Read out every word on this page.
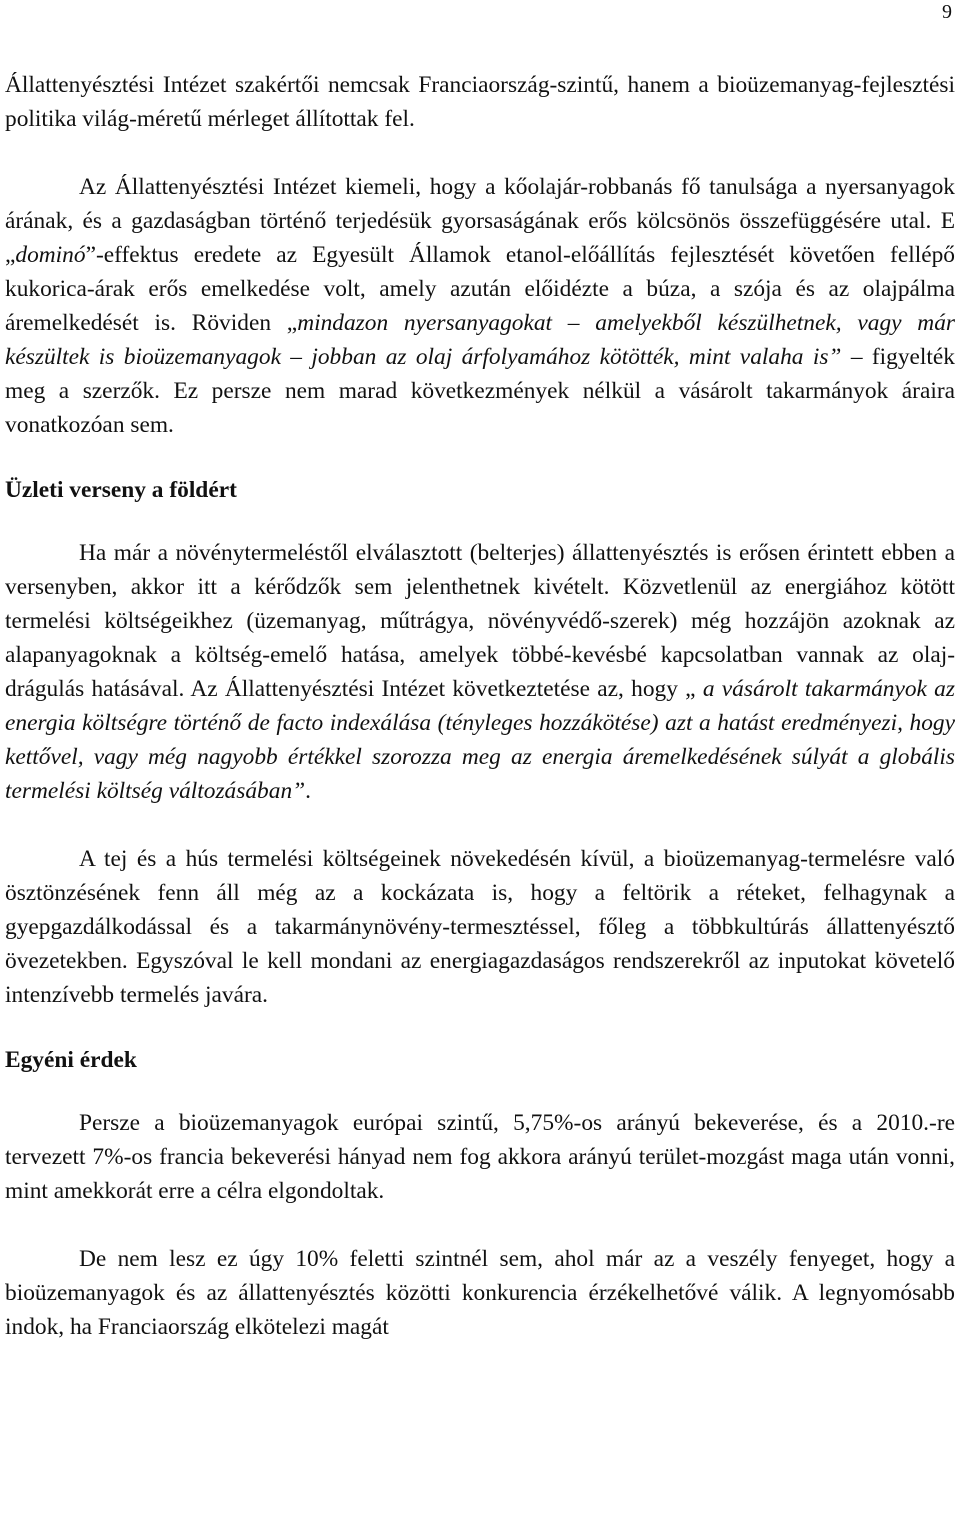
9

Állattenyésztési Intézet szakértői nemcsak Franciaország-szintű, hanem a bioüzemanyag-fejlesztési politika világ-méretű mérleget állítottak fel.

Az Állattenyésztési Intézet kiemeli, hogy a kőolajár-robbanás fő tanulsága a nyersanyagok árának, és a gazdaságban történő terjedésük gyorsaságának erős kölcsönös összefüggésére utal. E „dominó”-effektus eredete az Egyesült Államok etanol-előállítás fejlesztését követően fellépő kukorica-árak erős emelkedése volt, amely azután előidézte a búza, a szója és az olajpálma áremelkedését is. Röviden „mindazon nyersanyagokat – amelyekből készülhetnek, vagy már készültek is bioüzemanyagok – jobban az olaj árfolyamához kötötték, mint valaha is” – figyelték meg a szerzők. Ez persze nem marad következmények nélkül a vásárolt takarmányok áraira vonatkozóan sem.

Üzleti verseny a földért

Ha már a növénytermeléstől elválasztott (belterjes) állattenyésztés is erősen érintett ebben a versenyben, akkor itt a kérődzők sem jelenthetnek kivételt. Közvetlenül az energiához kötött termelési költségeikhez (üzemanyag, műtrágya, növényvédő-szerek) még hozzájön azoknak az alapanyagoknak a költség-emelő hatása, amelyek többé-kevésbé kapcsolatban vannak az olaj-drágulás hatásával. Az Állattenyésztési Intézet következtetése az, hogy „ a vásárolt takarmányok az energia költségre történő de facto indexálása (tényleges hozzákötése) azt a hatást eredményezi, hogy kettővel, vagy még nagyobb értékkel szorozza meg az energia áremelkedésének súlyát a globális termelési költség változásában”.

A tej és a hús termelési költségeinek növekedésén kívül, a bioüzemanyag-termelésre való ösztönzésének fenn áll még az a kockázata is, hogy a feltörik a réteket, felhagynak a gyepgazdálkodással és a takarmánynövény-termesztéssel, főleg a többkultúrás állattenyésztő övezetekben. Egyszóval le kell mondani az energiagazdaságos rendszerekről az inputokat követelő intenzívebb termelés javára.

Egyéni érdek

Persze a bioüzemanyagok európai szintű, 5,75%-os arányú bekeverése, és a 2010.-re tervezett 7%-os francia bekeverési hányad nem fog akkora arányú terület-mozgást maga után vonni, mint amekkorát erre a célra elgondoltak.

De nem lesz ez úgy 10% feletti szintnél sem, ahol már az a veszély fenyeget, hogy a bioüzemanyagok és az állattenyésztés közötti konkurencia érzékelhetővé válik. A legnyomósabb indok, ha Franciaország elkötelezi magát
